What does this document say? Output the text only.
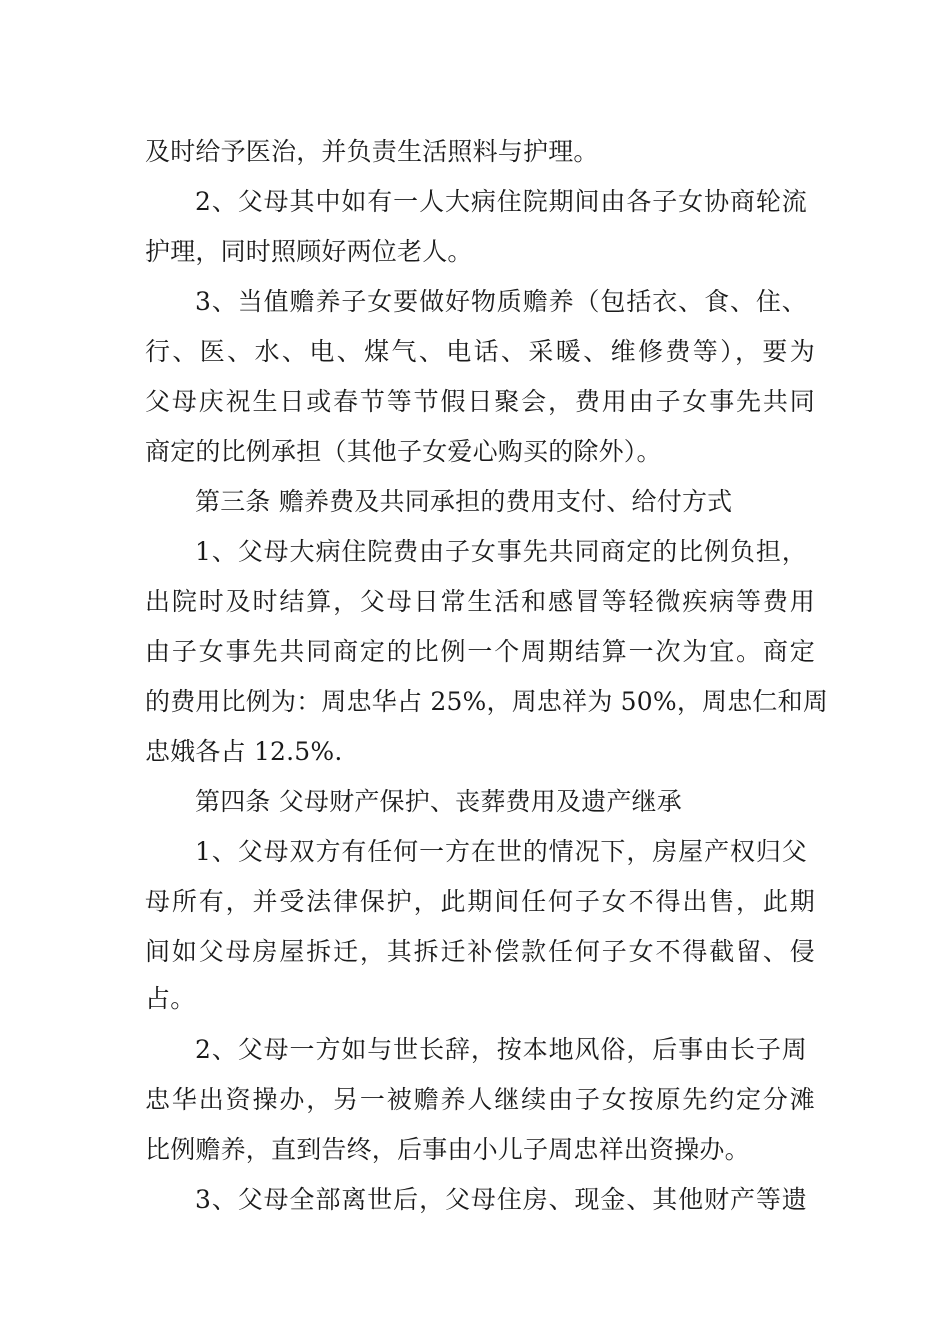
及时给予医治，并负责生活照料与护理。
2、父母其中如有一人大病住院期间由各子女协商轮流
护理，同时照顾好两位老人。
3、当值赡养子女要做好物质赡养（包括衣、食、住、
行、医、水、电、煤气、电话、采暖、维修费等），要为
父母庆祝生日或春节等节假日聚会，费用由子女事先共同
商定的比例承担（其他子女爱心购买的除外）。
第三条 赡养费及共同承担的费用支付、给付方式
1、父母大病住院费由子女事先共同商定的比例负担，
出院时及时结算，父母日常生活和感冒等轻微疾病等费用
由子女事先共同商定的比例一个周期结算一次为宜。商定
的费用比例为：周忠华占 25%，周忠祥为 50%，周忠仁和周
忠娥各占 12.5%.
第四条 父母财产保护、丧葬费用及遗产继承
1、父母双方有任何一方在世的情况下，房屋产权归父
母所有，并受法律保护，此期间任何子女不得出售，此期
间如父母房屋拆迁，其拆迁补偿款任何子女不得截留、侵
占。
2、父母一方如与世长辞，按本地风俗，后事由长子周
忠华出资操办，另一被赡养人继续由子女按原先约定分滩
比例赡养，直到告终，后事由小儿子周忠祥出资操办。
3、父母全部离世后，父母住房、现金、其他财产等遗
